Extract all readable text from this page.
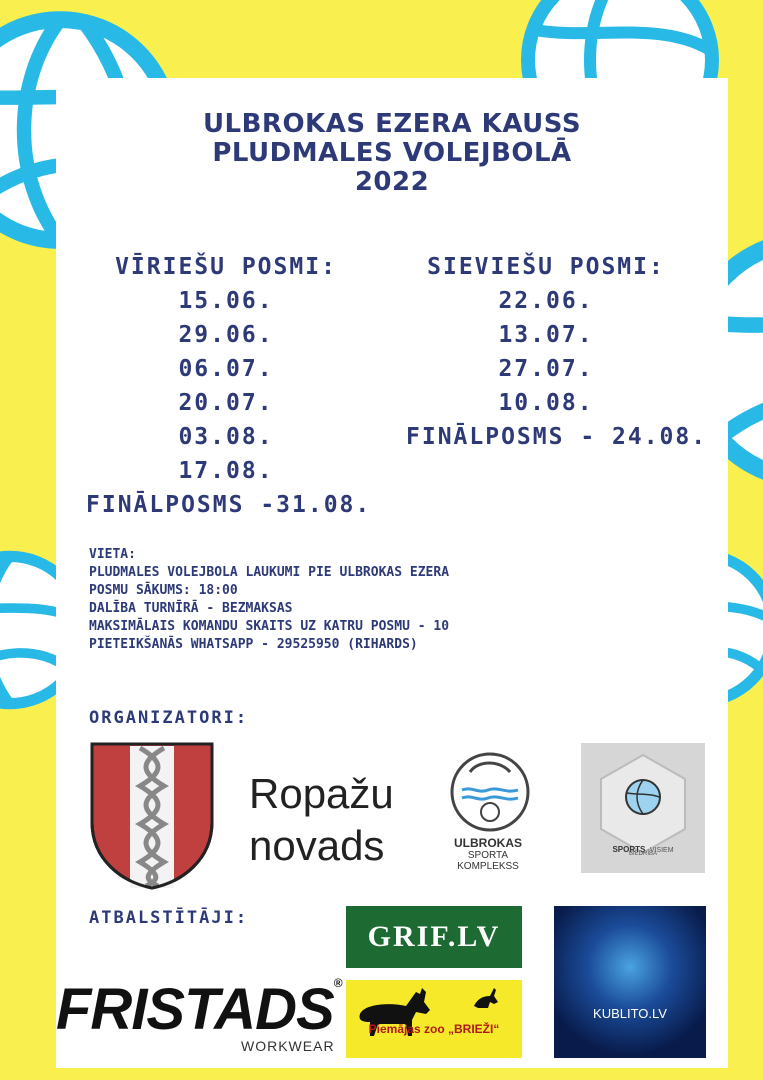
ULBROKAS EZERA KAUSS
PLUDMALES VOLEJBOLĀ
2022
VĪRIEŠU POSMI:
15.06.
29.06.
06.07.
20.07.
03.08.
17.08.
FINĀLPOSMS -31.08.
SIEVIEŠU POSMI:
22.06.
13.07.
27.07.
10.08.
FINĀLPOSMS - 24.08.
VIETA:
PLUDMALES VOLEJBOLA LAUKUMI PIE ULBROKAS EZERA
POSMU SĀKUMS: 18:00
DALĪBA TURNĪRĀ - BEZMAKSAS
MAKSIMĀLAIS KOMANDU SKAITS UZ KATRU POSMU - 10
PIETEIKŠANĀS WHATSAPP - 29525950 (RIHARDS)
ORGANIZATORI:
Ropažu
novads	ULBROKAS
SPORTA
KOMPLEKSS
SPORTS VISIEM
BIEDRĪBA
ATBALSTĪTĀJI:
GRIF.LV
Piemājas zoo „BRIEŽI“
KUBLITO.LV
FRISTADS®
WORKWEAR
